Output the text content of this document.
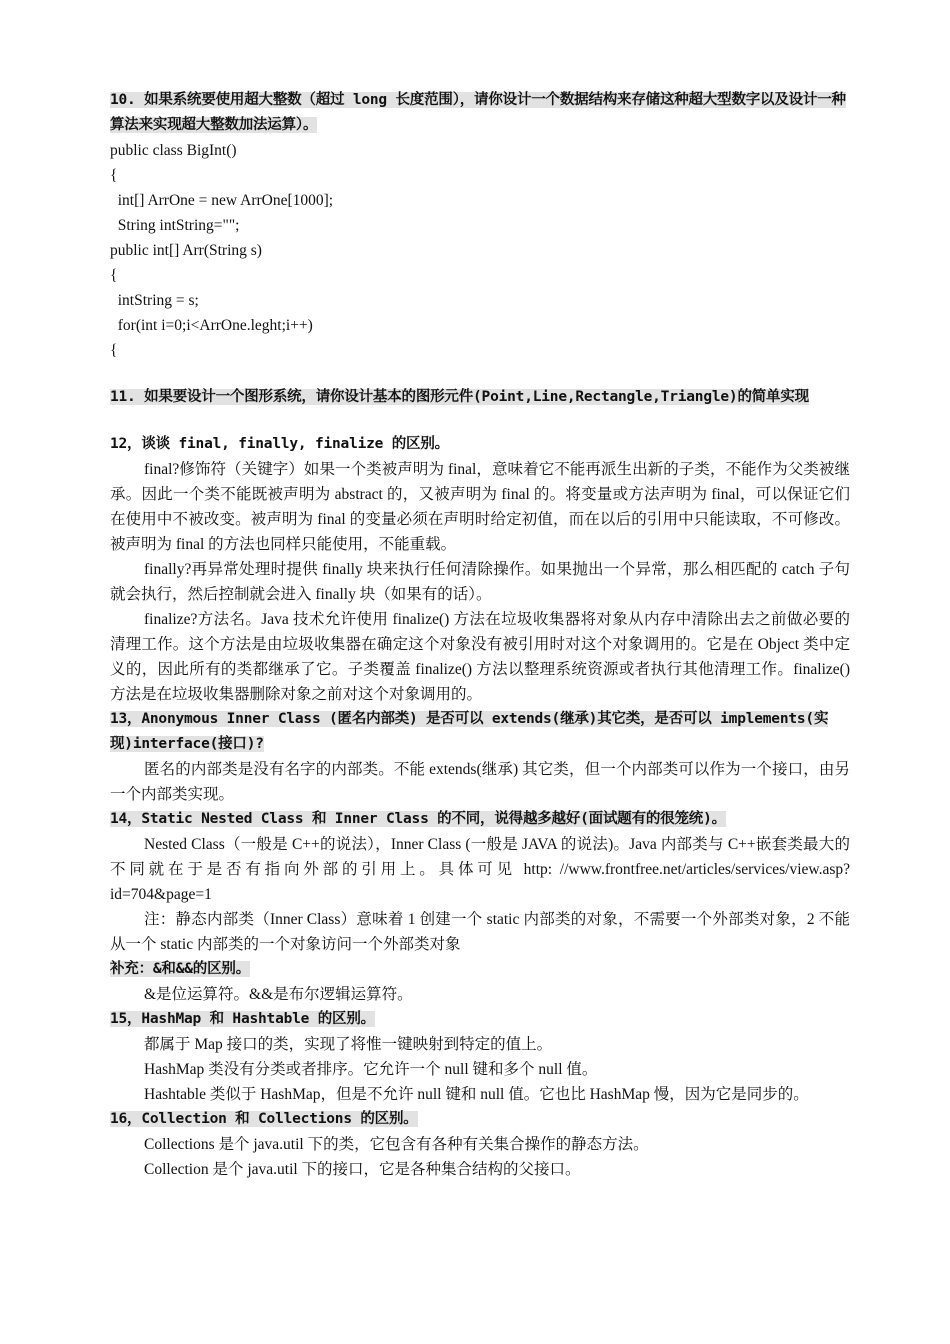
10. 如果系统要使用超大整数（超过 long 长度范围），请你设计一个数据结构来存储这种超大型数字以及设计一种算法来实现超大整数加法运算）。

public class BigInt()
{
int[] ArrOne = new ArrOne[1000];
String intString="";
public int[] Arr(String s)
{
intString = s;
for(int i=0;i<ArrOne.leght;i++)
{

11. 如果要设计一个图形系统，请你设计基本的图形元件(Point,Line,Rectangle,Triangle)的简单实现

12，谈谈 final, finally, finalize 的区别。

final?修饰符（关键字）如果一个类被声明为 final，意味着它不能再派生出新的子类，不能作为父类被继承。因此一个类不能既被声明为 abstract 的，又被声明为 final 的。将变量或方法声明为 final，可以保证它们在使用中不被改变。被声明为 final 的变量必须在声明时给定初值，而在以后的引用中只能读取，不可修改。被声明为 final 的方法也同样只能使用，不能重载。

finally?再异常处理时提供 finally 块来执行任何清除操作。如果抛出一个异常，那么相匹配的 catch 子句就会执行，然后控制就会进入 finally 块（如果有的话）。

finalize?方法名。Java 技术允许使用 finalize() 方法在垃圾收集器将对象从内存中清除出去之前做必要的清理工作。这个方法是由垃圾收集器在确定这个对象没有被引用时对这个对象调用的。它是在 Object 类中定义的，因此所有的类都继承了它。子类覆盖 finalize() 方法以整理系统资源或者执行其他清理工作。finalize() 方法是在垃圾收集器删除对象之前对这个对象调用的。

13，Anonymous Inner Class (匿名内部类) 是否可以 extends(继承)其它类，是否可以 implements(实现)interface(接口)?

匿名的内部类是没有名字的内部类。不能 extends(继承) 其它类，但一个内部类可以作为一个接口，由另一个内部类实现。

14，Static Nested Class 和 Inner Class 的不同，说得越多越好(面试题有的很笼统)。

Nested Class（一般是 C++的说法），Inner Class (一般是 JAVA 的说法)。Java 内部类与 C++嵌套类最大的不同就在于是否有指向外部的引用上。具体可见 http: //www.frontfree.net/articles/services/view.asp?id=704&page=1

注：静态内部类（Inner Class）意味着 1 创建一个 static 内部类的对象，不需要一个外部类对象，2 不能从一个 static 内部类的一个对象访问一个外部类对象

补充：&和&&的区别。

&是位运算符。&&是布尔逻辑运算符。

15，HashMap 和 Hashtable 的区别。

都属于 Map 接口的类，实现了将惟一键映射到特定的值上。

HashMap 类没有分类或者排序。它允许一个 null 键和多个 null 值。

Hashtable 类似于 HashMap，但是不允许 null 键和 null 值。它也比 HashMap 慢，因为它是同步的。

16，Collection 和 Collections 的区别。

Collections 是个 java.util 下的类，它包含有各种有关集合操作的静态方法。

Collection 是个 java.util 下的接口，它是各种集合结构的父接口。
